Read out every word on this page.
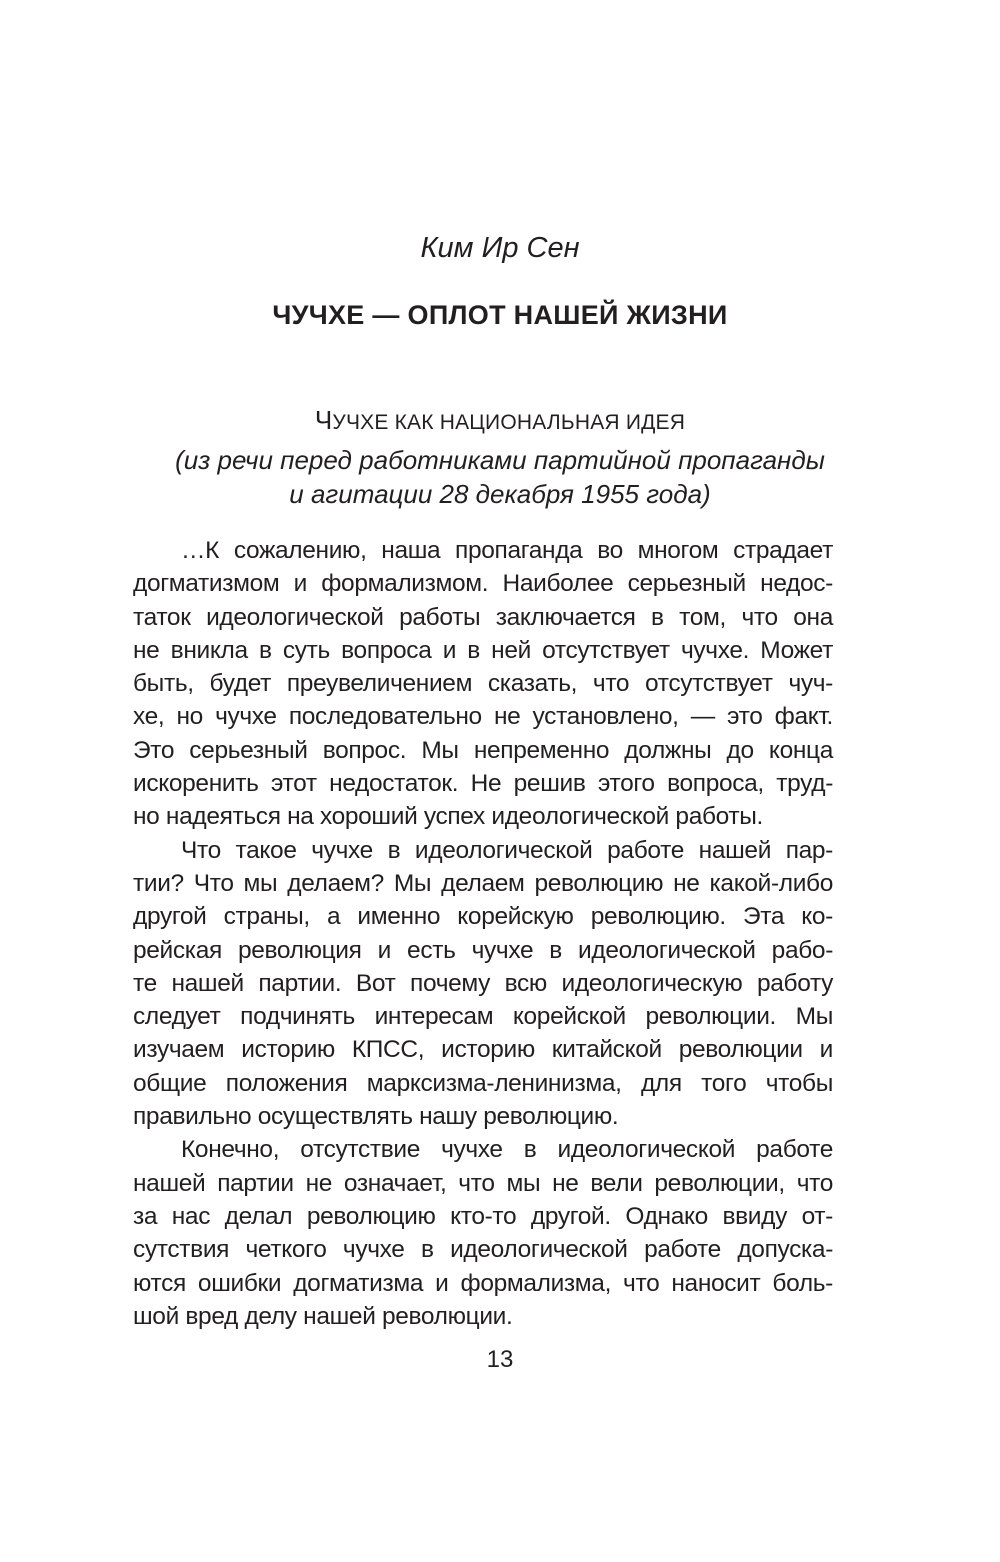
Ким Ир Сен
ЧУЧХЕ — ОПЛОТ НАШЕЙ ЖИЗНИ
ЧУЧХЕ КАК НАЦИОНАЛЬНАЯ ИДЕЯ
(из речи перед работниками партийной пропаганды
и агитации 28 декабря 1955 года)
…К сожалению, наша пропаганда во многом страдает
догматизмом и формализмом. Наиболее серьезный недос-
таток идеологической работы заключается в том, что она
не вникла в суть вопроса и в ней отсутствует чучхе. Может
быть, будет преувеличением сказать, что отсутствует чуч-
хе, но чучхе последовательно не установлено, — это факт.
Это серьезный вопрос. Мы непременно должны до конца
искоренить этот недостаток. Не решив этого вопроса, труд-
но надеяться на хороший успех идеологической работы.
Что такое чучхе в идеологической работе нашей пар-
тии? Что мы делаем? Мы делаем революцию не какой-либо
другой страны, а именно корейскую революцию. Эта ко-
рейская революция и есть чучхе в идеологической рабо-
те нашей партии. Вот почему всю идеологическую работу
следует подчинять интересам корейской революции. Мы
изучаем историю КПСС, историю китайской революции и
общие положения марксизма-ленинизма, для того чтобы
правильно осуществлять нашу революцию.
Конечно, отсутствие чучхе в идеологической работе
нашей партии не означает, что мы не вели революции, что
за нас делал революцию кто-то другой. Однако ввиду от-
сутствия четкого чучхе в идеологической работе допуска-
ются ошибки догматизма и формализма, что наносит боль-
шой вред делу нашей революции.
13
